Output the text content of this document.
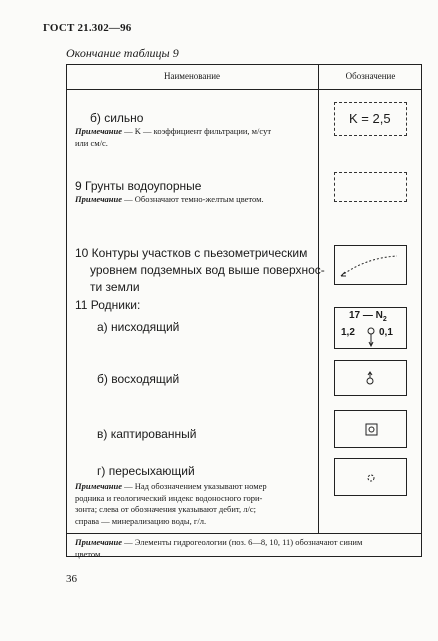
ГОСТ 21.302—96
Окончание таблицы 9
Наименование	Обозначение
б) сильно
Примечание — K — коэффициент фильтрации, м/сут
или см/с.
K = 2,5
9 Грунты водоупорные
Примечание — Обозначают темно-желтым цветом.
10 Контуры участков с пьезометрическим
уровнем подземных вод выше поверхнос-
ти земли
11 Родники:
а) нисходящий
17 — $N_2$
1,2 0,1
б) восходящий
в) каптированный
г) пересыхающий
Примечание — Над обозначением указывают номер
родника и геологический индекс водоносного гори-
зонта; слева от обозначения указывают дебит, л/с;
справа — минерализацию воды, г/л.
Примечание — Элементы гидрогеологии (поз. 6—8, 10, 11) обозначают синим
цветом.
36
